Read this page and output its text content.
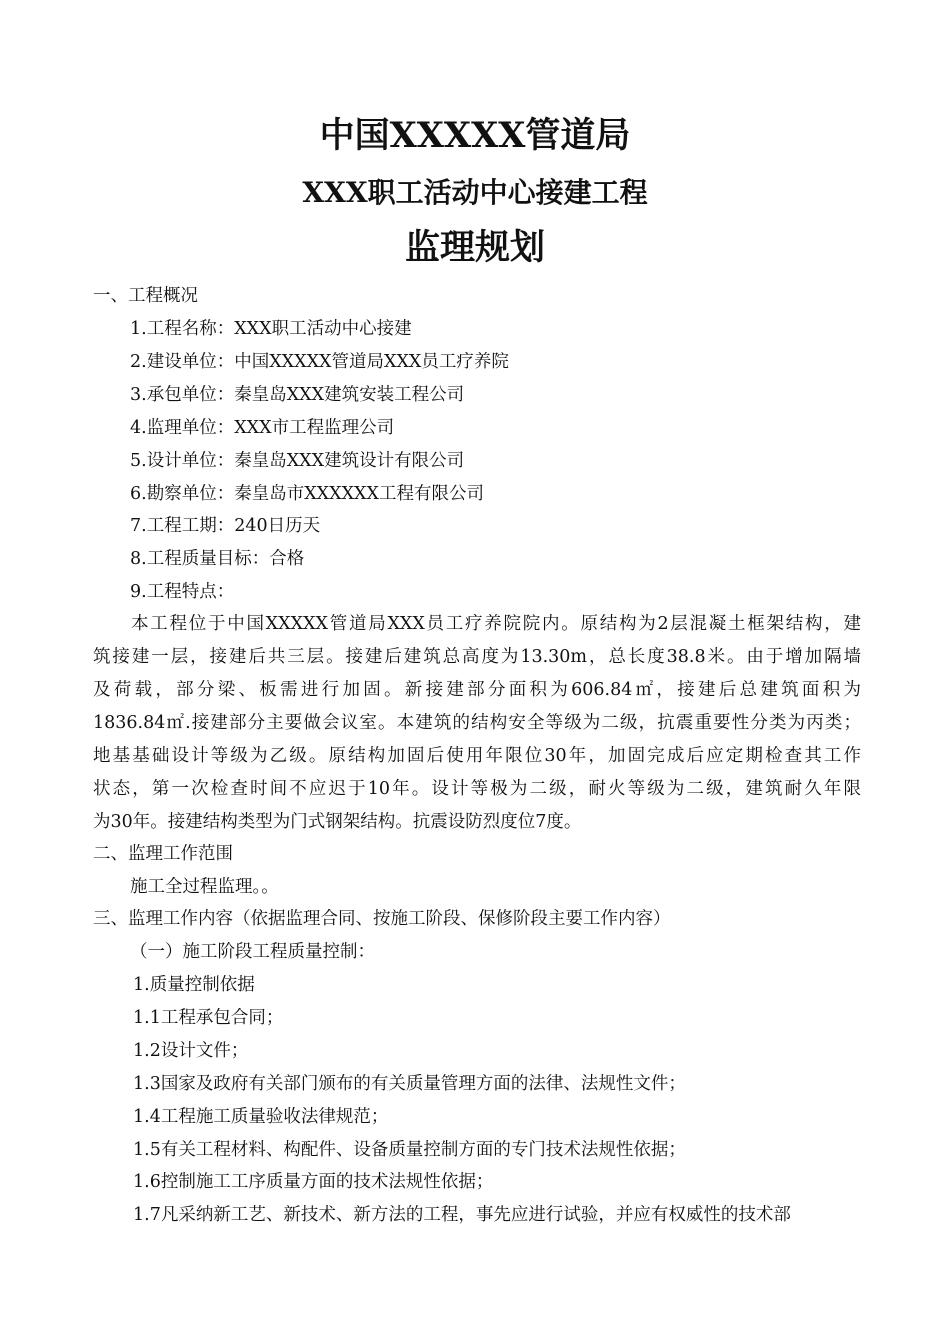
中国XXXXX管道局
XXX职工活动中心接建工程
监理规划
一、工程概况
1.工程名称：XXX职工活动中心接建
2.建设单位：中国XXXXX管道局XXX员工疗养院
3.承包单位：秦皇岛XXX建筑安装工程公司
4.监理单位：XXX市工程监理公司
5.设计单位：秦皇岛XXX建筑设计有限公司
6.勘察单位：秦皇岛市XXXXXX工程有限公司
7.工程工期：240日历天
8.工程质量目标：合格
9.工程特点：
本工程位于中国XXXXX管道局XXX员工疗养院院内。原结构为2层混凝土框架结构，建
筑接建一层，接建后共三层。接建后建筑总高度为13.30m，总长度38.8米。由于增加隔墙
及荷载，部分梁、板需进行加固。新接建部分面积为606.84㎡，接建后总建筑面积为
1836.84㎡.接建部分主要做会议室。本建筑的结构安全等级为二级，抗震重要性分类为丙类；
地基基础设计等级为乙级。原结构加固后使用年限位30年，加固完成后应定期检查其工作
状态，第一次检查时间不应迟于10年。设计等极为二级，耐火等级为二级，建筑耐久年限
为30年。接建结构类型为门式钢架结构。抗震设防烈度位7度。
二、监理工作范围
施工全过程监理。。
三、监理工作内容（依据监理合同、按施工阶段、保修阶段主要工作内容）
（一）施工阶段工程质量控制：
1.质量控制依据
1.1工程承包合同；
1.2设计文件；
1.3国家及政府有关部门颁布的有关质量管理方面的法律、法规性文件；
1.4工程施工质量验收法律规范；
1.5有关工程材料、构配件、设备质量控制方面的专门技术法规性依据；
1.6控制施工工序质量方面的技术法规性依据；
1.7凡采纳新工艺、新技术、新方法的工程，事先应进行试验，并应有权威性的技术部
